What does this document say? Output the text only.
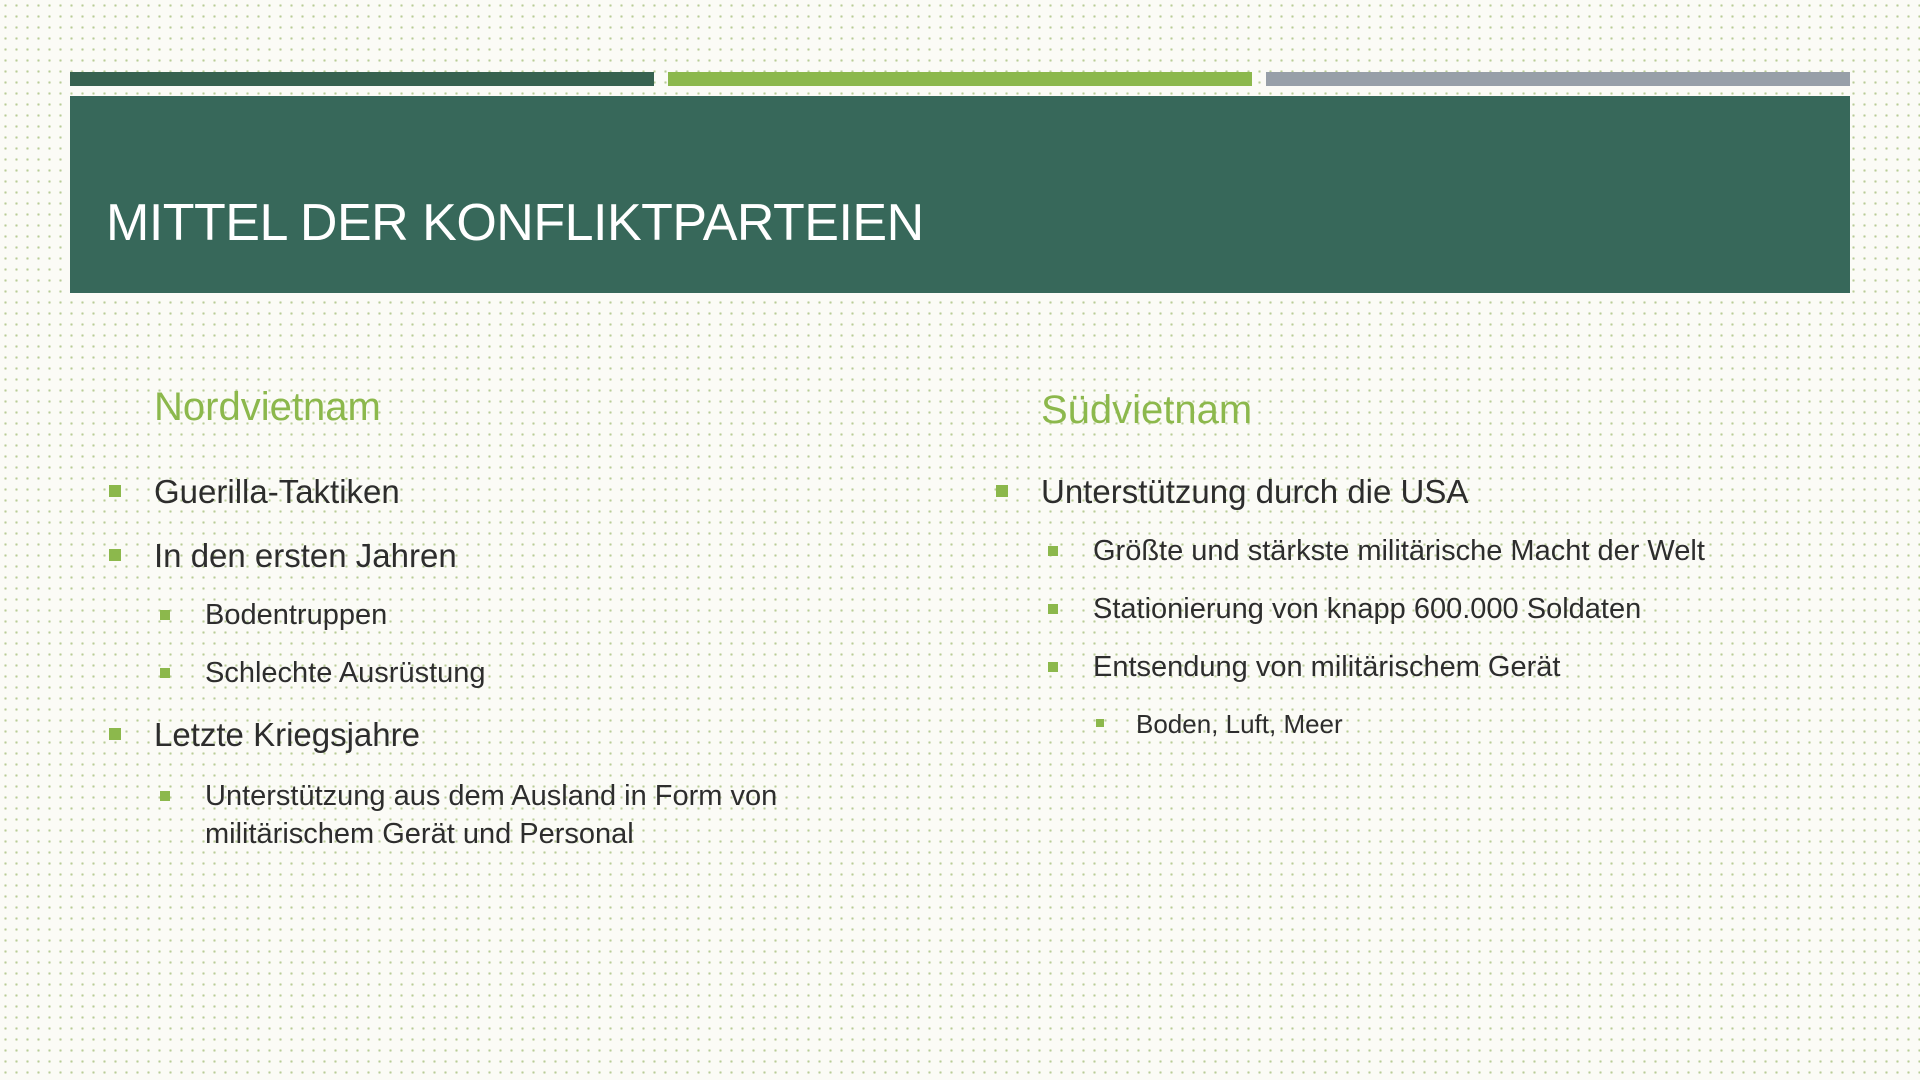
MITTEL DER KONFLIKTPARTEIEN
Nordvietnam
Guerilla-Taktiken
In den ersten Jahren
Bodentruppen
Schlechte Ausrüstung
Letzte Kriegsjahre
Unterstützung aus dem Ausland in Form von militärischem Gerät und Personal
Südvietnam
Unterstützung durch die USA
Größte und stärkste militärische Macht der Welt
Stationierung von knapp 600.000 Soldaten
Entsendung von militärischem Gerät
Boden, Luft, Meer
